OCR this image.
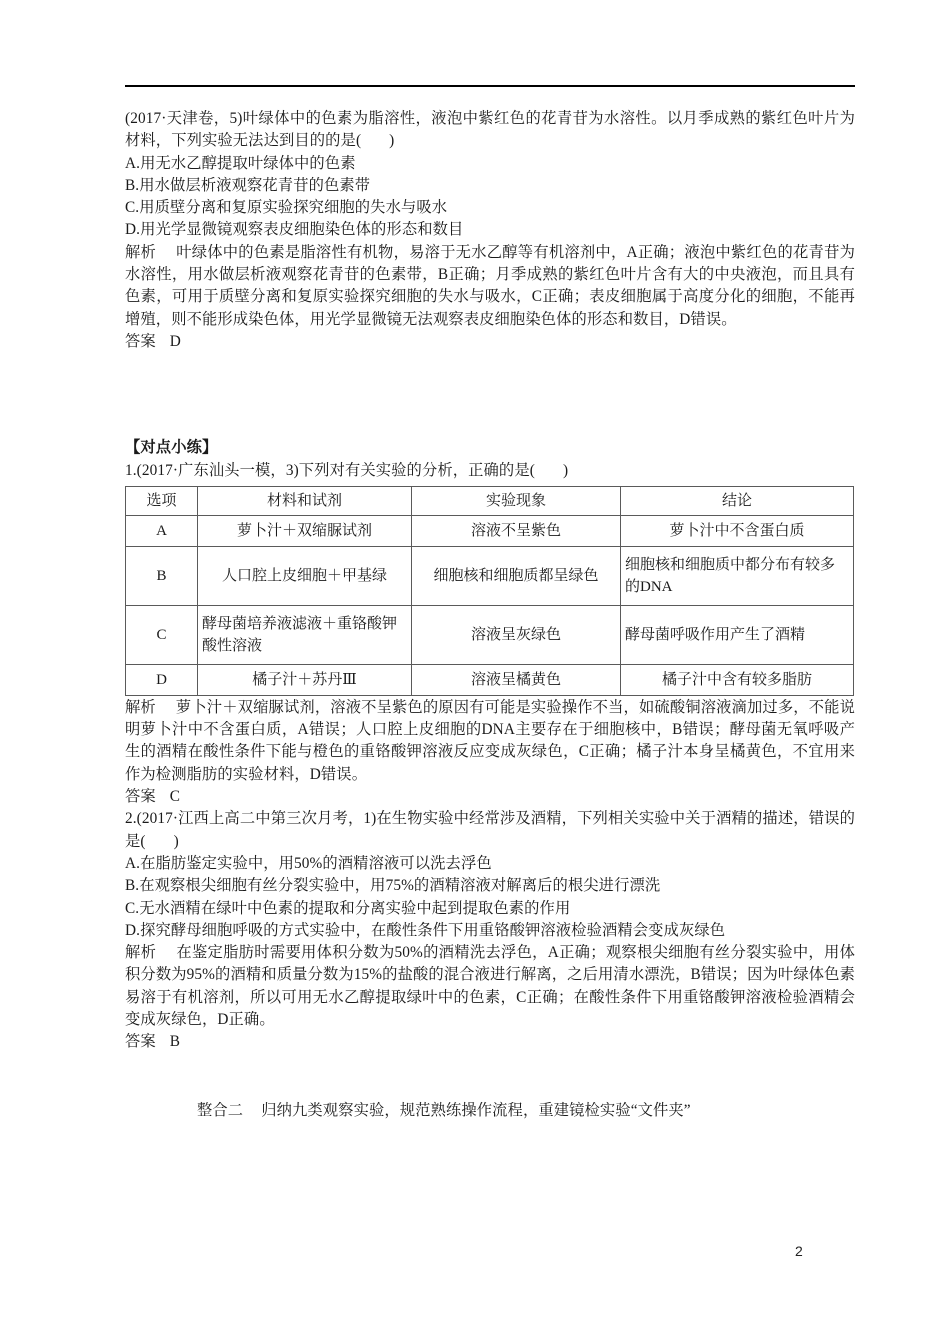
(2017·天津卷，5)叶绿体中的色素为脂溶性，液泡中紫红色的花青苷为水溶性。以月季成熟的紫红色叶片为材料，下列实验无法达到目的的是( )

A.用无水乙醇提取叶绿体中的色素

B.用水做层析液观察花青苷的色素带

C.用质壁分离和复原实验探究细胞的失水与吸水

D.用光学显微镜观察表皮细胞染色体的形态和数目

解析 叶绿体中的色素是脂溶性有机物，易溶于无水乙醇等有机溶剂中，A正确；液泡中紫红色的花青苷为水溶性，用水做层析液观察花青苷的色素带，B正确；月季成熟的紫红色叶片含有大的中央液泡，而且具有色素，可用于质壁分离和复原实验探究细胞的失水与吸水，C正确；表皮细胞属于高度分化的细胞，不能再增殖，则不能形成染色体，用光学显微镜无法观察表皮细胞染色体的形态和数目，D错误。

答案 D

【对点小练】

1.(2017·广东汕头一模，3)下列对有关实验的分析，正确的是( )

选项	材料和试剂	实验现象	结论
A	萝卜汁＋双缩脲试剂	溶液不呈紫色	萝卜汁中不含蛋白质
B	人口腔上皮细胞＋甲基绿	细胞核和细胞质都呈绿色	细胞核和细胞质中都分布有较多的DNA
C	酵母菌培养液滤液＋重铬酸钾酸性溶液	溶液呈灰绿色	酵母菌呼吸作用产生了酒精
D	橘子汁＋苏丹Ⅲ	溶液呈橘黄色	橘子汁中含有较多脂肪

解析 萝卜汁＋双缩脲试剂，溶液不呈紫色的原因有可能是实验操作不当，如硫酸铜溶液滴加过多，不能说明萝卜汁中不含蛋白质，A错误；人口腔上皮细胞的DNA主要存在于细胞核中，B错误；酵母菌无氧呼吸产生的酒精在酸性条件下能与橙色的重铬酸钾溶液反应变成灰绿色，C正确；橘子汁本身呈橘黄色，不宜用来作为检测脂肪的实验材料，D错误。

答案 C

2.(2017·江西上高二中第三次月考，1)在生物实验中经常涉及酒精，下列相关实验中关于酒精的描述，错误的是( )

A.在脂肪鉴定实验中，用50%的酒精溶液可以洗去浮色

B.在观察根尖细胞有丝分裂实验中，用75%的酒精溶液对解离后的根尖进行漂洗

C.无水酒精在绿叶中色素的提取和分离实验中起到提取色素的作用

D.探究酵母细胞呼吸的方式实验中，在酸性条件下用重铬酸钾溶液检验酒精会变成灰绿色

解析 在鉴定脂肪时需要用体积分数为50%的酒精洗去浮色，A正确；观察根尖细胞有丝分裂实验中，用体积分数为95%的酒精和质量分数为15%的盐酸的混合液进行解离，之后用清水漂洗，B错误；因为叶绿体色素易溶于有机溶剂，所以可用无水乙醇提取绿叶中的色素，C正确；在酸性条件下用重铬酸钾溶液检验酒精会变成灰绿色，D正确。

答案 B

整合二 归纳九类观察实验，规范熟练操作流程，重建镜检实验“文件夹”

2
